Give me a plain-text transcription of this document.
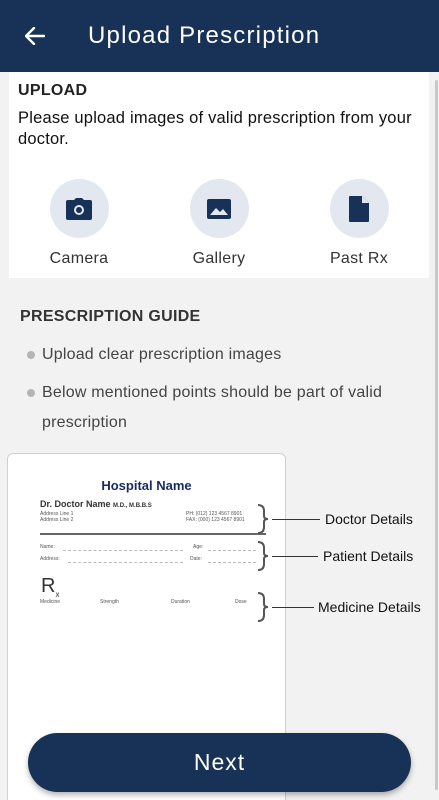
Upload Prescription
UPLOAD
Please upload images of valid prescription from your doctor.
Camera	Gallery	Past Rx
PRESCRIPTION GUIDE
Upload clear prescription images
Below mentioned points should be part of valid prescription
Hospital Name
Dr. Doctor Name M.D., M.B.B.S
Address Line 1
Address Line 2
PH: (012) 123 4567 8901
FAX: (000) 123 4567 8901
Name:	Age:
Address:	Date:
$R_x$
Medicine	Strength	Duration	Dose
Doctor Details
Patient Details
Medicine Details
Next
